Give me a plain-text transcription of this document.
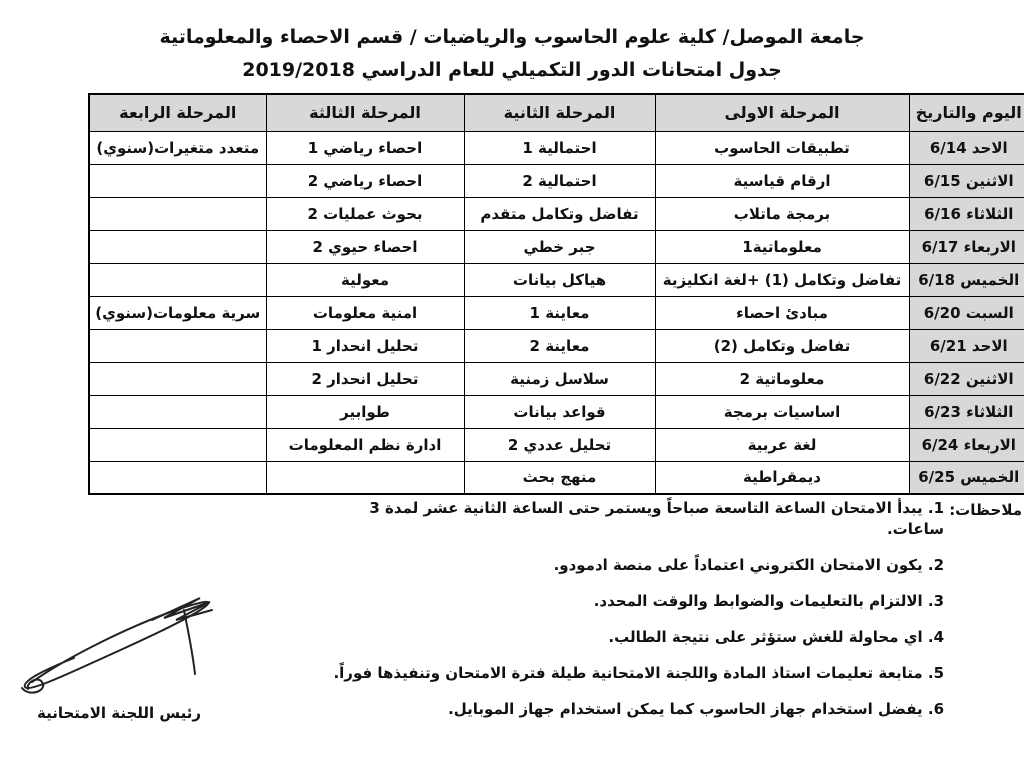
جامعة الموصل/ كلية علوم الحاسوب والرياضيات / قسم الاحصاء والمعلوماتية
جدول امتحانات الدور التكميلي للعام الدراسي 2019/2018
اليوم والتاريخ	المرحلة الاولى	المرحلة الثانية	المرحلة الثالثة	المرحلة الرابعة
الاحد 6/14	تطبيقات الحاسوب	احتمالية 1	احصاء رياضي 1	متعدد متغيرات(سنوي)
الاثنين 6/15	ارقام قياسية	احتمالية 2	احصاء رياضي 2	
الثلاثاء 6/16	برمجة ماتلاب	تفاضل وتكامل متقدم	بحوث عمليات 2	
الاربعاء 6/17	معلوماتية1	جبر خطي	احصاء حيوي 2	
الخميس 6/18	تفاضل وتكامل (1) +لغة انكليزية	هياكل بيانات	معولية	
السبت 6/20	مبادئ احصاء	معاينة 1	امنية معلومات	سرية معلومات(سنوي)
الاحد 6/21	تفاضل وتكامل (2)	معاينة 2	تحليل انحدار 1	
الاثنين 6/22	معلوماتية 2	سلاسل زمنية	تحليل انحدار 2	
الثلاثاء 6/23	اساسيات برمجة	قواعد بيانات	طوابير	
الاربعاء 6/24	لغة عربية	تحليل عددي 2	ادارة نظم المعلومات	
الخميس 6/25	ديمقراطية	منهج بحث		
ملاحظات:
1. يبدأ الامتحان الساعة التاسعة صباحاً ويستمر حتى الساعة الثانية عشر لمدة 3 ساعات.
2. يكون الامتحان الكتروني اعتماداً على منصة ادمودو.
3. الالتزام بالتعليمات والضوابط والوقت المحدد.
4. اي محاولة للغش ستؤثر على نتيجة الطالب.
5. متابعة تعليمات استاذ المادة واللجنة الامتحانية طيلة فترة الامتحان وتنفيذها فوراً.
6. يفضل استخدام جهاز الحاسوب كما يمكن استخدام جهاز الموبايل.
رئيس اللجنة الامتحانية
